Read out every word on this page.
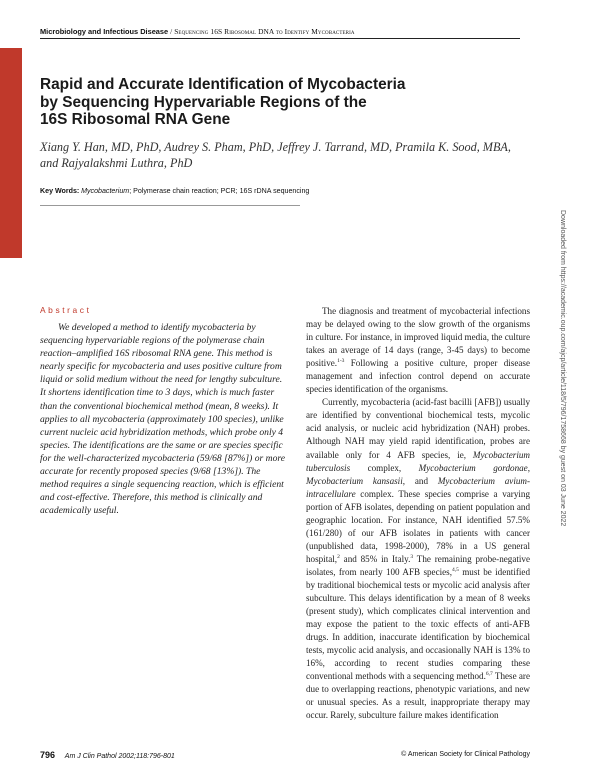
Microbiology and Infectious Disease / Sequencing 16S Ribosomal DNA to Identify Mycobacteria
Rapid and Accurate Identification of Mycobacteria
by Sequencing Hypervariable Regions of the
16S Ribosomal RNA Gene
Xiang Y. Han, MD, PhD, Audrey S. Pham, PhD, Jeffrey J. Tarrand, MD, Pramila K. Sood, MBA,
and Rajyalakshmi Luthra, PhD
Key Words: Mycobacterium; Polymerase chain reaction; PCR; 16S rDNA sequencing
Downloaded from https://academic.oup.com/ajcp/article/118/5/796/1758668 by guest on 03 June 2022
Abstract
We developed a method to identify mycobacteria by sequencing hypervariable regions of the polymerase chain reaction–amplified 16S ribosomal RNA gene. This method is nearly specific for mycobacteria and uses positive culture from liquid or solid medium without the need for lengthy subculture. It shortens identification time to 3 days, which is much faster than the conventional biochemical method (mean, 8 weeks). It applies to all mycobacteria (approximately 100 species), unlike current nucleic acid hybridization methods, which probe only 4 species. The identifications are the same or are species specific for the well-characterized mycobacteria (59/68 [87%]) or more accurate for recently proposed species (9/68 [13%]). The method requires a single sequencing reaction, which is efficient and cost-effective. Therefore, this method is clinically and academically useful.

The diagnosis and treatment of mycobacterial infections may be delayed owing to the slow growth of the organisms in culture. For instance, in improved liquid media, the culture takes an average of 14 days (range, 3-45 days) to become positive.$^{1-3}$ Following a positive culture, proper disease management and infection control depend on accurate species identification of the organisms.

Currently, mycobacteria (acid-fast bacilli [AFB]) usually are identified by conventional biochemical tests, mycolic acid analysis, or nucleic acid hybridization (NAH) probes. Although NAH may yield rapid identification, probes are available only for 4 AFB species, ie, Mycobacterium tuberculosis complex, Mycobacterium gordonae, Mycobacterium kansasii, and Mycobacterium avium-intracellulare complex. These species comprise a varying portion of AFB isolates, depending on patient population and geographic location. For instance, NAH identified 57.5% (161/280) of our AFB isolates in patients with cancer (unpublished data, 1998-2000), 78% in a US general hospital,$^2$ and 85% in Italy.$^3$ The remaining probe-negative isolates, from nearly 100 AFB species,$^{4,5}$ must be identified by traditional biochemical tests or mycolic acid analysis after subculture. This delays identification by a mean of 8 weeks (present study), which complicates clinical intervention and may expose the patient to the toxic effects of anti-AFB drugs. In addition, inaccurate identification by biochemical tests, mycolic acid analysis, and occasionally NAH is 13% to 16%, according to recent studies comparing these conventional methods with a sequencing method.$^{6,7}$ These are due to overlapping reactions, phenotypic variations, and new or unusual species. As a result, inappropriate therapy may occur. Rarely, subculture failure makes identification

796 Am J Clin Pathol 2002;118:796-801	© American Society for Clinical Pathology
